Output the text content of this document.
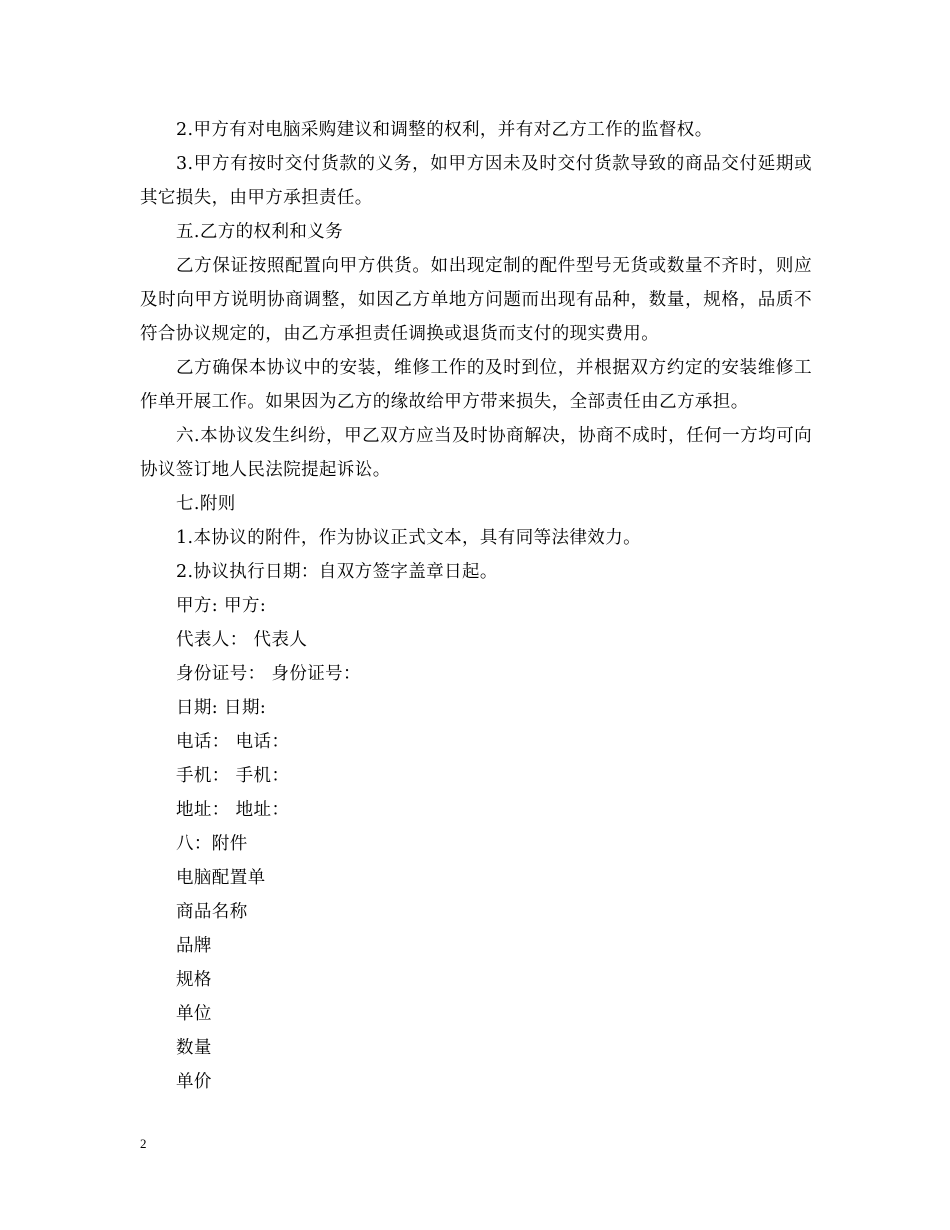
2.甲方有对电脑采购建议和调整的权利，并有对乙方工作的监督权。

3.甲方有按时交付货款的义务，如甲方因未及时交付货款导致的商品交付延期或其它损失，由甲方承担责任。

五.乙方的权利和义务

乙方保证按照配置向甲方供货。如出现定制的配件型号无货或数量不齐时，则应及时向甲方说明协商调整，如因乙方单地方问题而出现有品种，数量，规格，品质不符合协议规定的，由乙方承担责任调换或退货而支付的现实费用。

乙方确保本协议中的安装，维修工作的及时到位，并根据双方约定的安装维修工作单开展工作。如果因为乙方的缘故给甲方带来损失，全部责任由乙方承担。

六.本协议发生纠纷，甲乙双方应当及时协商解决，协商不成时，任何一方均可向协议签订地人民法院提起诉讼。

七.附则

1.本协议的附件，作为协议正式文本，具有同等法律效力。

2.协议执行日期：自双方签字盖章日起。

甲方: 甲方:

代表人： 代表人

身份证号： 身份证号：

日期: 日期:

电话： 电话：

手机： 手机：

地址： 地址：

八：附件

电脑配置单

商品名称

品牌

规格

单位

数量

单价

2
